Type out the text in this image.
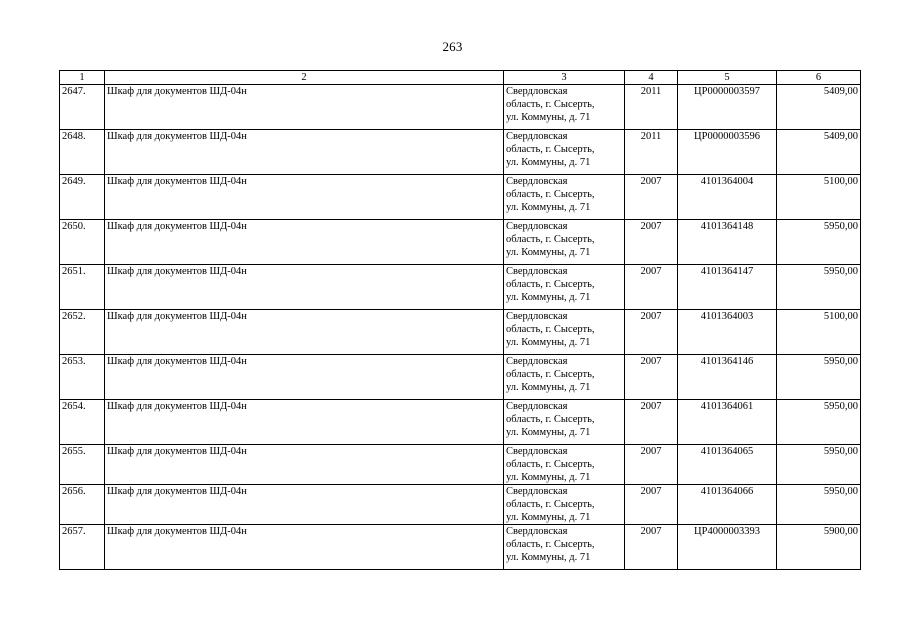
263
1	2	3	4	5	6
2647.	Шкаф для документов ШД-04н	Свердловская
область, г. Сысерть,
ул. Коммуны, д. 71	2011	ЦР0000003597	5409,00
2648.	Шкаф для документов ШД-04н	Свердловская
область, г. Сысерть,
ул. Коммуны, д. 71	2011	ЦР0000003596	5409,00
2649.	Шкаф для документов ШД-04н	Свердловская
область, г. Сысерть,
ул. Коммуны, д. 71	2007	4101364004	5100,00
2650.	Шкаф для документов ШД-04н	Свердловская
область, г. Сысерть,
ул. Коммуны, д. 71	2007	4101364148	5950,00
2651.	Шкаф для документов ШД-04н	Свердловская
область, г. Сысерть,
ул. Коммуны, д. 71	2007	4101364147	5950,00
2652.	Шкаф для документов ШД-04н	Свердловская
область, г. Сысерть,
ул. Коммуны, д. 71	2007	4101364003	5100,00
2653.	Шкаф для документов ШД-04н	Свердловская
область, г. Сысерть,
ул. Коммуны, д. 71	2007	4101364146	5950,00
2654.	Шкаф для документов ШД-04н	Свердловская
область, г. Сысерть,
ул. Коммуны, д. 71	2007	4101364061	5950,00
2655.	Шкаф для документов ШД-04н	Свердловская
область, г. Сысерть,
ул. Коммуны, д. 71	2007	4101364065	5950,00
2656.	Шкаф для документов ШД-04н	Свердловская
область, г. Сысерть,
ул. Коммуны, д. 71	2007	4101364066	5950,00
2657.	Шкаф для документов ШД-04н	Свердловская
область, г. Сысерть,
ул. Коммуны, д. 71	2007	ЦР4000003393	5900,00
